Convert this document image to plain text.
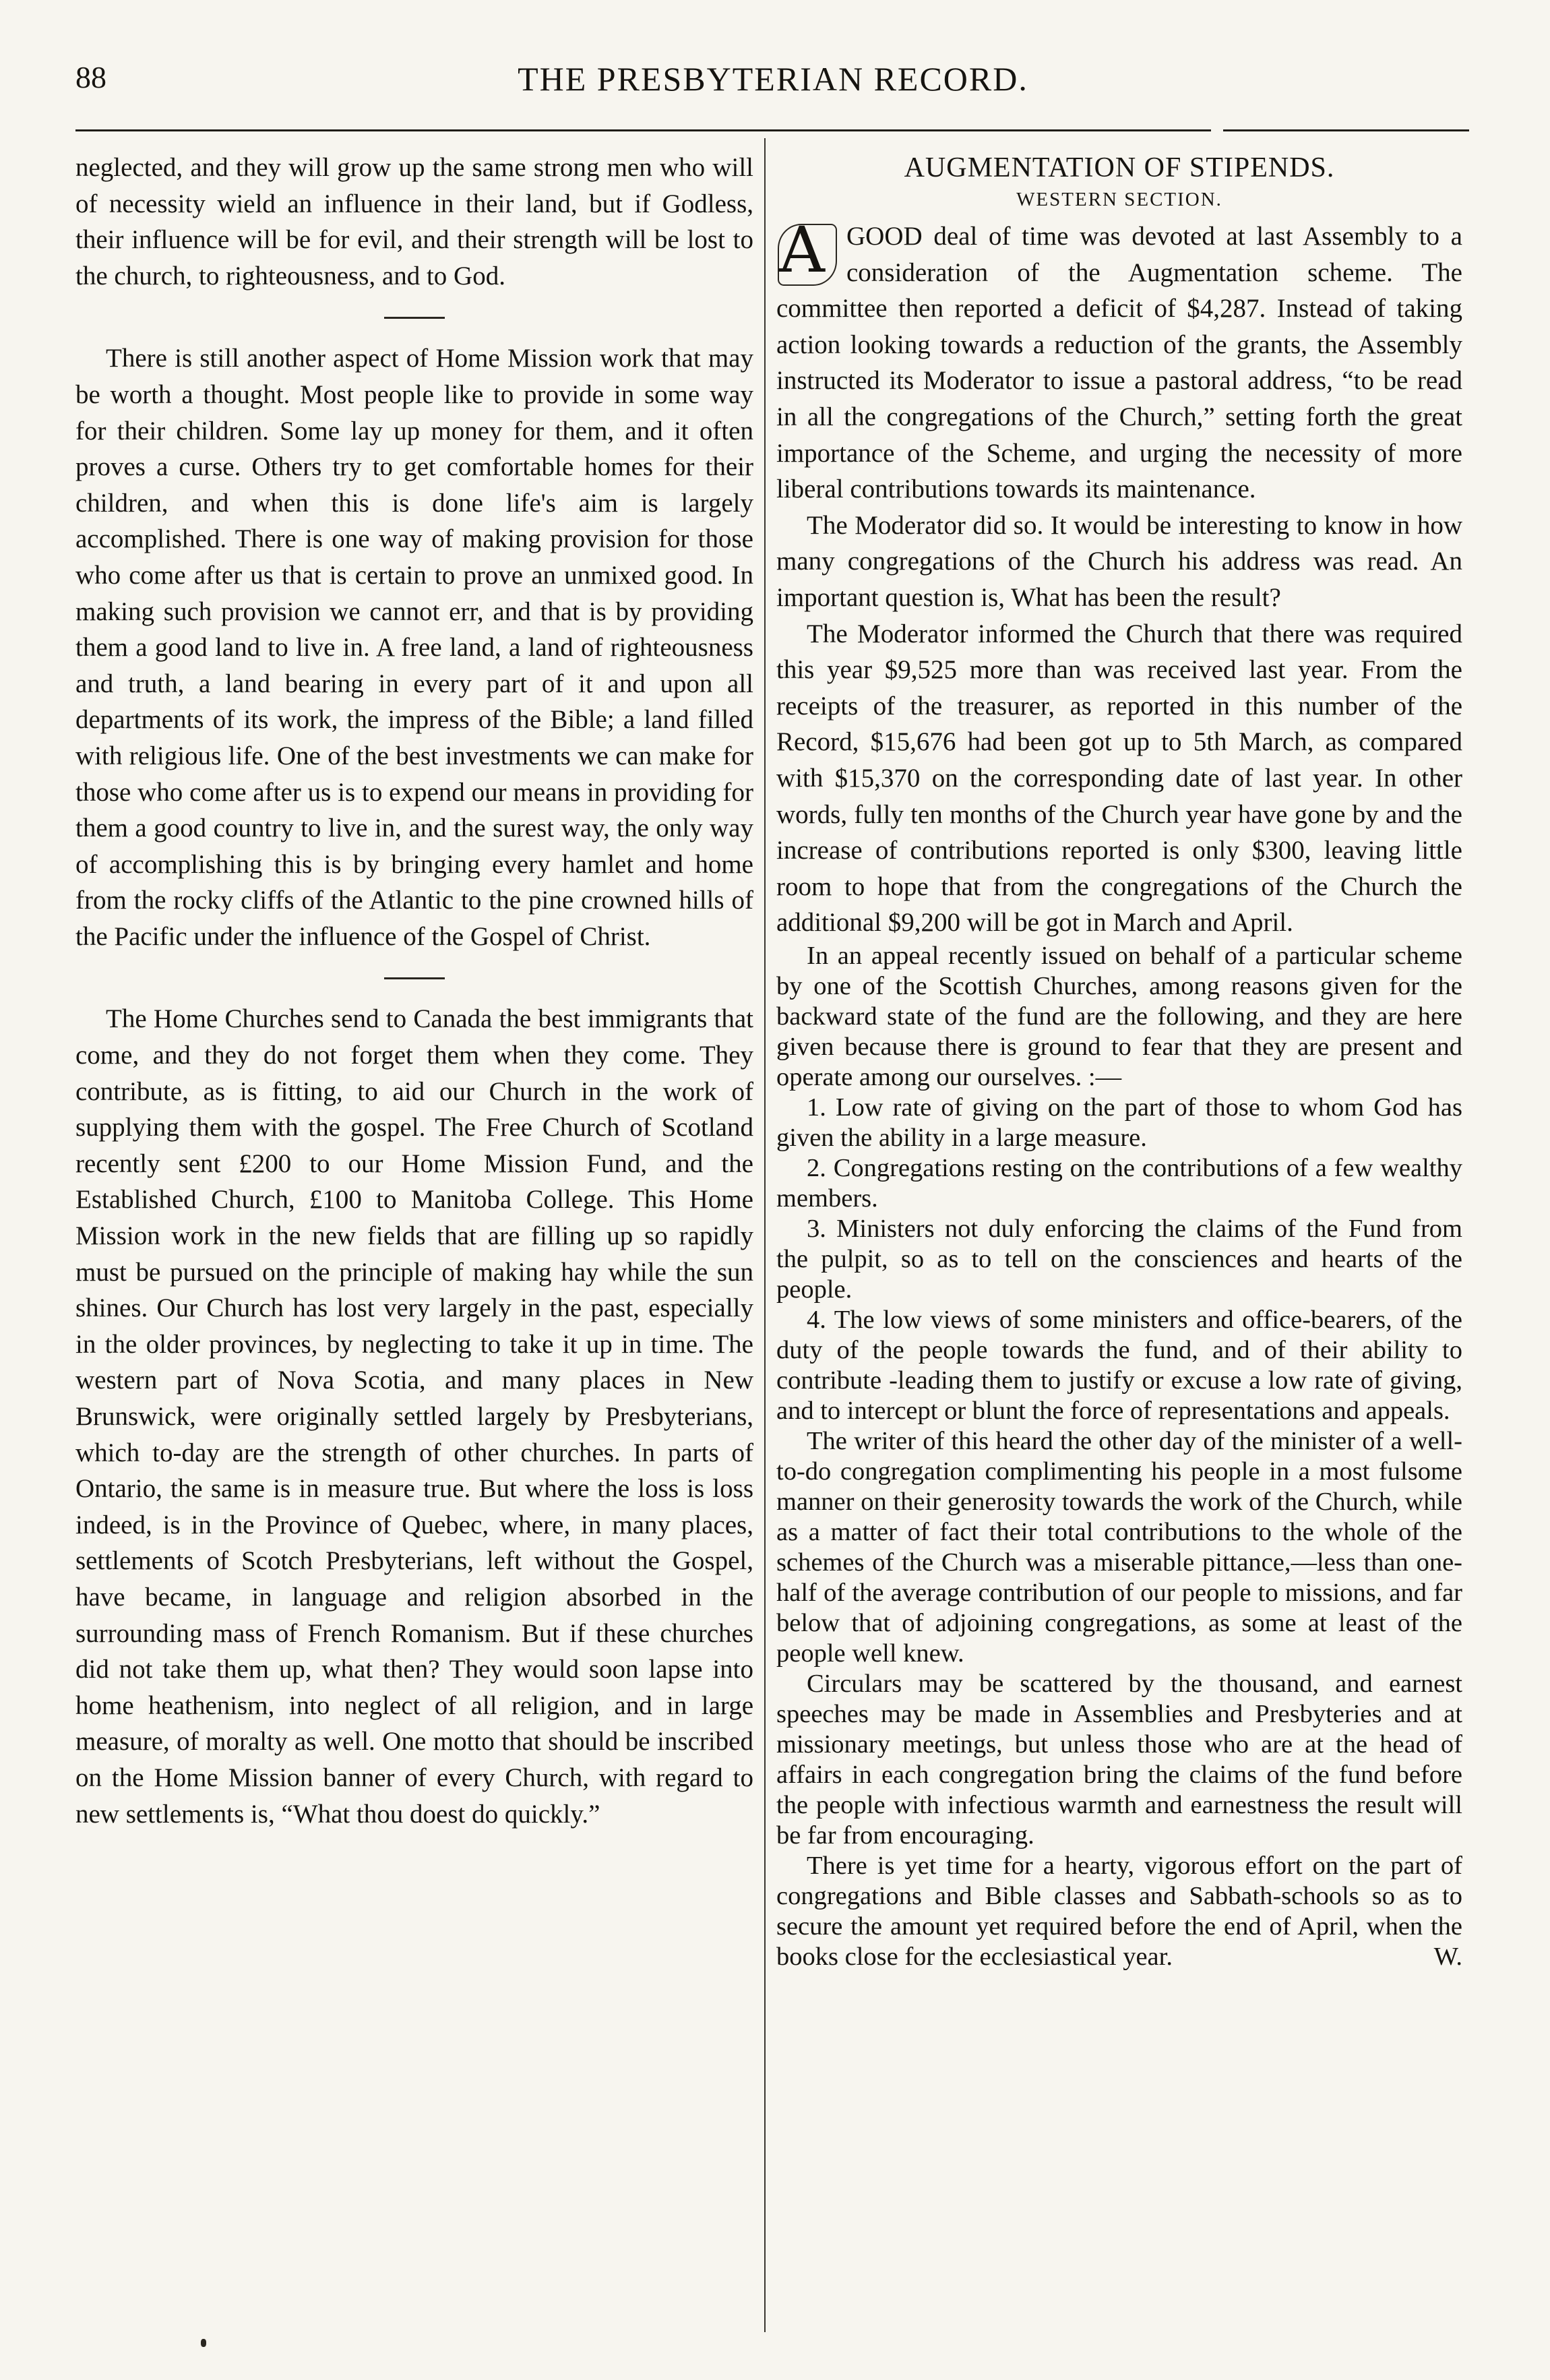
88	THE PRESBYTERIAN RECORD.

neglected, and they will grow up the same strong men who will of necessity wield an influence in their land, but if Godless, their influence will be for evil, and their strength will be lost to the church, to righteousness, and to God.

There is still another aspect of Home Mission work that may be worth a thought. Most people like to provide in some way for their children. Some lay up money for them, and it often proves a curse. Others try to get comfortable homes for their children, and when this is done life's aim is largely accomplished. There is one way of making provision for those who come after us that is certain to prove an unmixed good. In making such provision we cannot err, and that is by providing them a good land to live in. A free land, a land of righteousness and truth, a land bearing in every part of it and upon all departments of its work, the impress of the Bible; a land filled with religious life. One of the best investments we can make for those who come after us is to expend our means in providing for them a good country to live in, and the surest way, the only way of accomplishing this is by bringing every hamlet and home from the rocky cliffs of the Atlantic to the pine crowned hills of the Pacific under the influence of the Gospel of Christ.

The Home Churches send to Canada the best immigrants that come, and they do not forget them when they come. They contribute, as is fitting, to aid our Church in the work of supplying them with the gospel. The Free Church of Scotland recently sent £200 to our Home Mission Fund, and the Established Church, £100 to Manitoba College. This Home Mission work in the new fields that are filling up so rapidly must be pursued on the principle of making hay while the sun shines. Our Church has lost very largely in the past, especially in the older provinces, by neglecting to take it up in time. The western part of Nova Scotia, and many places in New Brunswick, were originally settled largely by Presbyterians, which to-day are the strength of other churches. In parts of Ontario, the same is in measure true. But where the loss is loss indeed, is in the Province of Quebec, where, in many places, settlements of Scotch Presbyterians, left without the Gospel, have became, in language and religion absorbed in the surrounding mass of French Romanism. But if these churches did not take them up, what then? They would soon lapse into home heathenism, into neglect of all religion, and in large measure, of moralty as well. One motto that should be inscribed on the Home Mission banner of every Church, with regard to new settlements is, “What thou doest do quickly.”

AUGMENTATION OF STIPENDS.
WESTERN SECTION.

A GOOD deal of time was devoted at last Assembly to a consideration of the Augmentation scheme. The committee then reported a deficit of $4,287. Instead of taking action looking towards a reduction of the grants, the Assembly instructed its Moderator to issue a pastoral address, “to be read in all the congregations of the Church,” setting forth the great importance of the Scheme, and urging the necessity of more liberal contributions towards its maintenance.

The Moderator did so. It would be interesting to know in how many congregations of the Church his address was read. An important question is, What has been the result?

The Moderator informed the Church that there was required this year $9,525 more than was received last year. From the receipts of the treasurer, as reported in this number of the Record, $15,676 had been got up to 5th March, as compared with $15,370 on the corresponding date of last year. In other words, fully ten months of the Church year have gone by and the increase of contributions reported is only $300, leaving little room to hope that from the congregations of the Church the additional $9,200 will be got in March and April.

In an appeal recently issued on behalf of a particular scheme by one of the Scottish Churches, among reasons given for the backward state of the fund are the following, and they are here given because there is ground to fear that they are present and operate among our ourselves. :—

1. Low rate of giving on the part of those to whom God has given the ability in a large measure.

2. Congregations resting on the contributions of a few wealthy members.

3. Ministers not duly enforcing the claims of the Fund from the pulpit, so as to tell on the consciences and hearts of the people.

4. The low views of some ministers and office-bearers, of the duty of the people towards the fund, and of their ability to contribute -leading them to justify or excuse a low rate of giving, and to intercept or blunt the force of representations and appeals.

The writer of this heard the other day of the minister of a well-to-do congregation complimenting his people in a most fulsome manner on their generosity towards the work of the Church, while as a matter of fact their total contributions to the whole of the schemes of the Church was a miserable pittance,—less than one-half of the average contribution of our people to missions, and far below that of adjoining congregations, as some at least of the people well knew.

Circulars may be scattered by the thousand, and earnest speeches may be made in Assemblies and Presbyteries and at missionary meetings, but unless those who are at the head of affairs in each congregation bring the claims of the fund before the people with infectious warmth and earnestness the result will be far from encouraging.

There is yet time for a hearty, vigorous effort on the part of congregations and Bible classes and Sabbath-schools so as to secure the amount yet required before the end of April, when the books close for the ecclesiastical year.	W.
